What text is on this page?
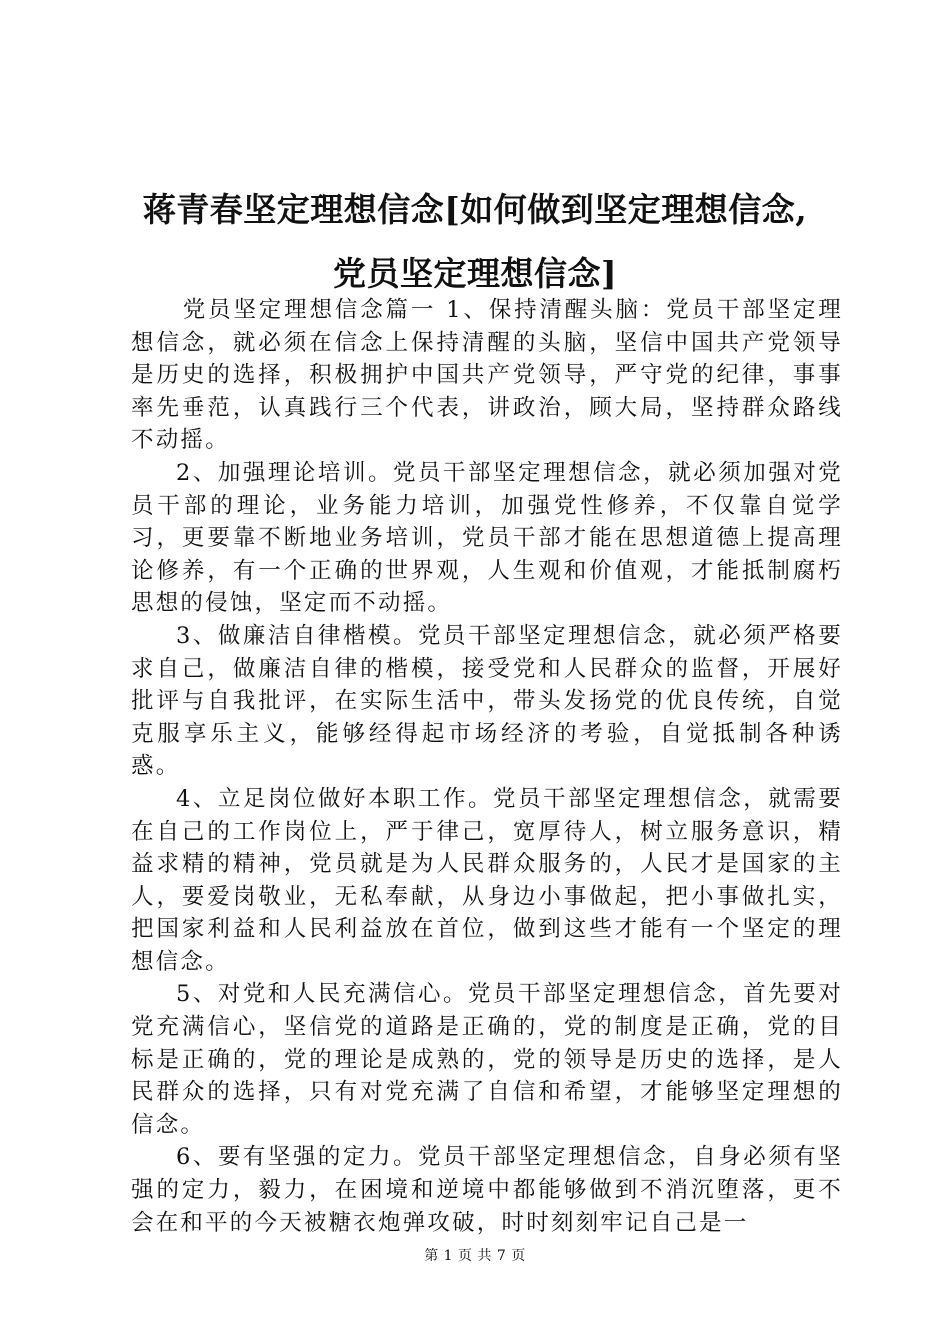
蒋青春坚定理想信念[如何做到坚定理想信念,
党员坚定理想信念]

党员坚定理想信念篇一 1、保持清醒头脑：党员干部坚定理想信念，就必须在信念上保持清醒的头脑，坚信中国共产党领导是历史的选择，积极拥护中国共产党领导，严守党的纪律，事事率先垂范，认真践行三个代表，讲政治，顾大局，坚持群众路线不动摇。

2、加强理论培训。党员干部坚定理想信念，就必须加强对党员干部的理论，业务能力培训，加强党性修养，不仅靠自觉学习，更要靠不断地业务培训，党员干部才能在思想道德上提高理论修养，有一个正确的世界观，人生观和价值观，才能抵制腐朽思想的侵蚀，坚定而不动摇。

3、做廉洁自律楷模。党员干部坚定理想信念，就必须严格要求自己，做廉洁自律的楷模，接受党和人民群众的监督，开展好批评与自我批评，在实际生活中，带头发扬党的优良传统，自觉克服享乐主义，能够经得起市场经济的考验，自觉抵制各种诱惑。

4、立足岗位做好本职工作。党员干部坚定理想信念，就需要在自己的工作岗位上，严于律己，宽厚待人，树立服务意识，精益求精的精神，党员就是为人民群众服务的，人民才是国家的主人，要爱岗敬业，无私奉献，从身边小事做起，把小事做扎实，把国家利益和人民利益放在首位，做到这些才能有一个坚定的理想信念。

5、对党和人民充满信心。党员干部坚定理想信念，首先要对党充满信心，坚信党的道路是正确的，党的制度是正确，党的目标是正确的，党的理论是成熟的，党的领导是历史的选择，是人民群众的选择，只有对党充满了自信和希望，才能够坚定理想的信念。

6、要有坚强的定力。党员干部坚定理想信念，自身必须有坚强的定力，毅力，在困境和逆境中都能够做到不消沉堕落，更不会在和平的今天被糖衣炮弹攻破，时时刻刻牢记自己是一

第 1 页 共 7 页
